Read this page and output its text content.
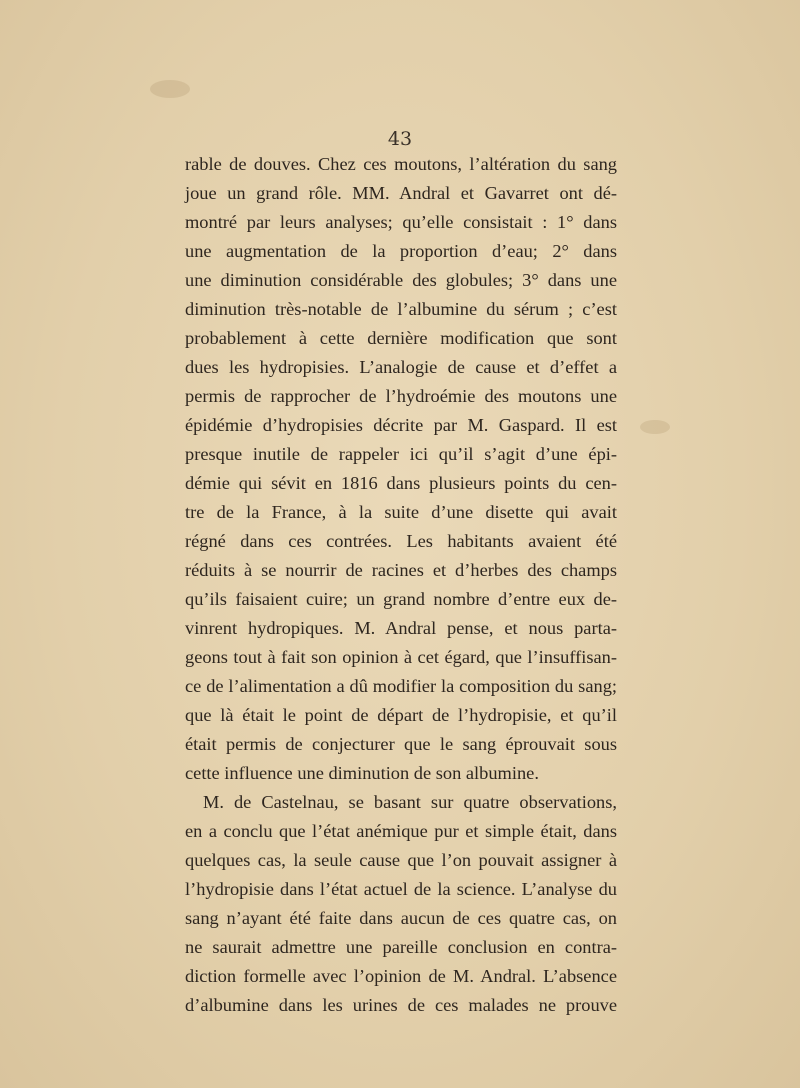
43
rable de douves. Chez ces moutons, l’altération du sang
joue un grand rôle. MM. Andral et Gavarret ont dé-
montré par leurs analyses; qu’elle consistait : 1° dans
une augmentation de la proportion d’eau; 2° dans
une diminution considérable des globules; 3° dans une
diminution très-notable de l’albumine du sérum ; c’est
probablement à cette dernière modification que sont
dues les hydropisies. L’analogie de cause et d’effet a
permis de rapprocher de l’hydroémie des moutons une
épidémie d’hydropisies décrite par M. Gaspard. Il est
presque inutile de rappeler ici qu’il s’agit d’une épi-
démie qui sévit en 1816 dans plusieurs points du cen-
tre de la France, à la suite d’une disette qui avait
régné dans ces contrées. Les habitants avaient été
réduits à se nourrir de racines et d’herbes des champs
qu’ils faisaient cuire; un grand nombre d’entre eux de-
vinrent hydropiques. M. Andral pense, et nous parta-
geons tout à fait son opinion à cet égard, que l’insuffisan-
ce de l’alimentation a dû modifier la composition du sang;
que là était le point de départ de l’hydropisie, et qu’il
était permis de conjecturer que le sang éprouvait sous
cette influence une diminution de son albumine.
M. de Castelnau, se basant sur quatre observations,
en a conclu que l’état anémique pur et simple était, dans
quelques cas, la seule cause que l’on pouvait assigner à
l’hydropisie dans l’état actuel de la science. L’analyse du
sang n’ayant été faite dans aucun de ces quatre cas, on
ne saurait admettre une pareille conclusion en contra-
diction formelle avec l’opinion de M. Andral. L’absence
d’albumine dans les urines de ces malades ne prouve
